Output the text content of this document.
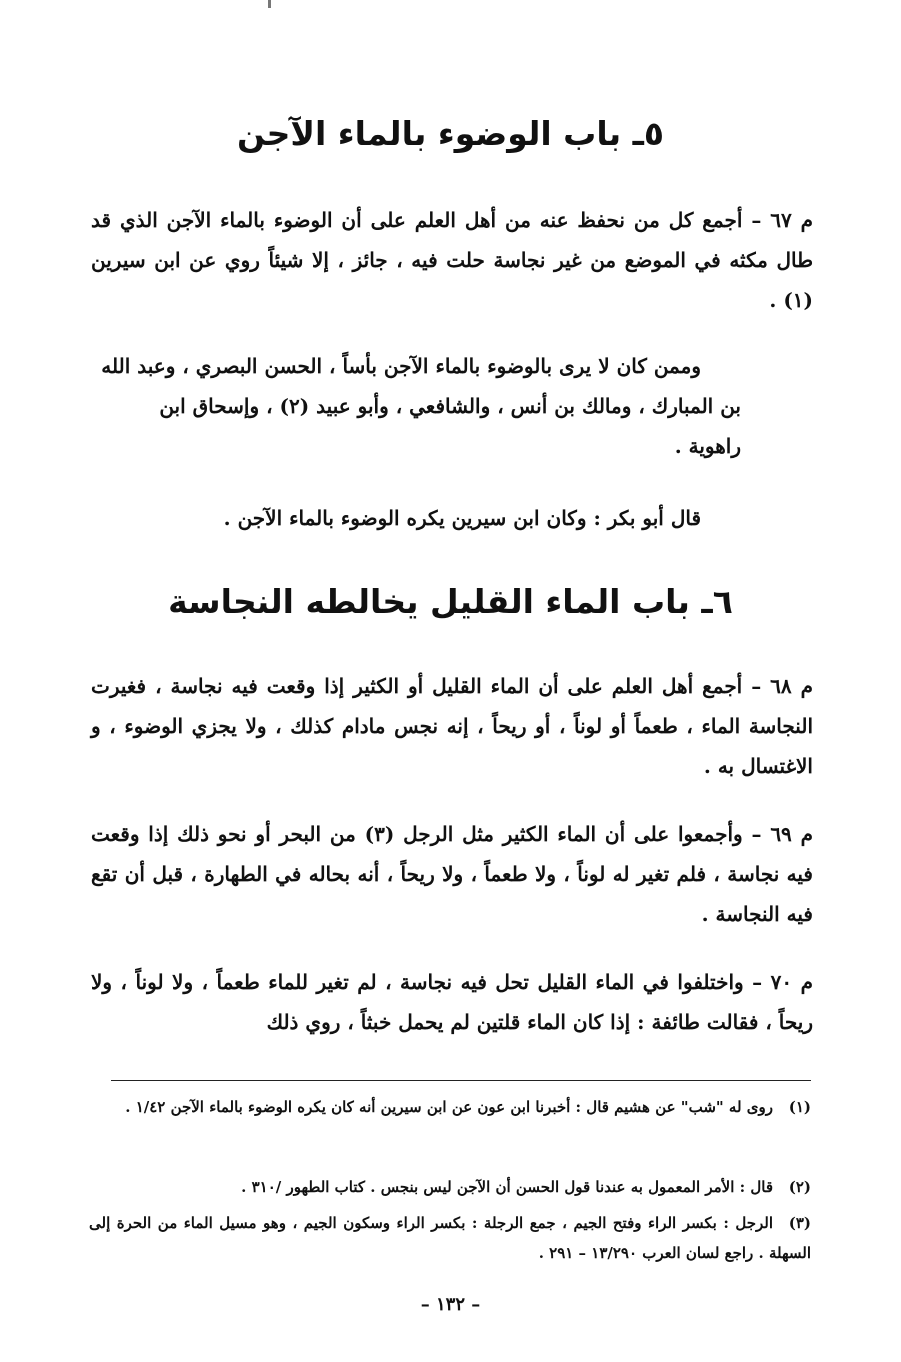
٥ـ باب الوضوء بالماء الآجن
م ٦٧ – أجمع كل من نحفظ عنه من أهل العلم على أن الوضوء بالماء الآجن الذي قد طال مكثه في الموضع من غير نجاسة حلت فيه ، جائز ، إلا شيئاً روي عن ابن سيرين (١) .
وممن كان لا يرى بالوضوء بالماء الآجن بأساً ، الحسن البصري ، وعبد الله بن المبارك ، ومالك بن أنس ، والشافعي ، وأبو عبيد (٢) ، وإسحاق ابن راهوية .
قال أبو بكر : وكان ابن سيرين يكره الوضوء بالماء الآجن .
٦ـ باب الماء القليل يخالطه النجاسة
م ٦٨ – أجمع أهل العلم على أن الماء القليل أو الكثير إذا وقعت فيه نجاسة ، فغيرت النجاسة الماء ، طعماً أو لوناً ، أو ريحاً ، إنه نجس مادام كذلك ، ولا يجزي الوضوء ، و الاغتسال به .
م ٦٩ – وأجمعوا على أن الماء الكثير مثل الرجل (٣) من البحر أو نحو ذلك إذا وقعت فيه نجاسة ، فلم تغير له لوناً ، ولا طعماً ، ولا ريحاً ، أنه بحاله في الطهارة ، قبل أن تقع فيه النجاسة .
م ٧٠ – واختلفوا في الماء القليل تحل فيه نجاسة ، لم تغير للماء طعماً ، ولا لوناً ، ولا ريحاً ، فقالت طائفة : إذا كان الماء قلتين لم يحمل خبثاً ، روي ذلك
(١)روى له "شب" عن هشيم قال : أخبرنا ابن عون عن ابن سيرين أنه كان يكره الوضوء بالماء الآجن ١/٤٢ .
(٢)قال : الأمر المعمول به عندنا قول الحسن أن الآجن ليس بنجس . كتاب الطهور /٣١٠ .
(٣)الرجل : بكسر الراء وفتح الجيم ، جمع الرجلة : بكسر الراء وسكون الجيم ، وهو مسيل الماء من الحرة إلى السهلة . راجع لسان العرب ١٣/٢٩٠ – ٢٩١ .
– ١٣٢ –
